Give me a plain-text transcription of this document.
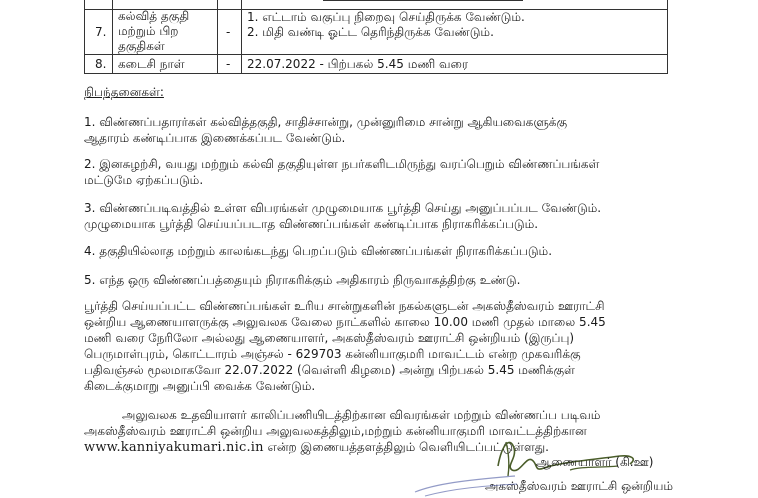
7.
கல்வித் தகுதி
மற்றும் பிற
தகுதிகள்
-
1. எட்டாம் வகுப்பு நிறைவு செய்திருக்க வேண்டும்.
2. மிதி வண்டி ஓட்ட தெரிந்திருக்க வேண்டும்.
8. கடைசி நாள்	- 22.07.2022 - பிற்பகல் 5.45 மணி வரை
நிபந்தனைகள்:
1. விண்ணப்பதாரர்கள் கல்வித்தகுதி, சாதிச்சான்று, முன்னுரிமை சான்று ஆகியவைகளுக்கு
ஆதாரம் கண்டிப்பாக இணைக்கப்பட வேண்டும்.
2. இனசுழற்சி, வயது மற்றும் கல்வி தகுதியுள்ள நபர்களிடமிருந்து வரப்பெறும் விண்ணப்பங்கள்
மட்டுமே ஏற்கப்படும்.
3. விண்ணப்படிவத்தில் உள்ள விபரங்கள் முழுமையாக பூர்த்தி செய்து அனுப்பப்பட வேண்டும்.
முழுமையாக பூர்த்தி செய்யப்படாத விண்ணப்பங்கள் கண்டிப்பாக நிராகரிக்கப்படும்.
4. தகுதியில்லாத மற்றும் காலங்கடந்து பெறப்படும் விண்ணப்பங்கள் நிராகரிக்கப்படும்.
5. எந்த ஒரு விண்ணப்பத்தையும் நிராகரிக்கும் அதிகாரம் நிருவாகத்திற்கு உண்டு.
பூர்த்தி செய்யப்பட்ட விண்ணப்பங்கள் உரிய சான்றுகளின் நகல்களுடன் அகஸ்தீஸ்வரம் ஊராட்சி
ஒன்றிய ஆணையாளருக்கு அலுவலக வேலை நாட்களில் காலை 10.00 மணி முதல் மாலை 5.45
மணி வரை நேரிலோ அல்லது ஆணையாளர், அகஸ்தீஸ்வரம் ஊராட்சி ஒன்றியம் (இருப்பு)
பெருமாள்புரம், கொட்டாரம் அஞ்சல் - 629703 கன்னியாகுமரி மாவட்டம் என்ற முகவரிக்கு
பதிவஞ்சல் மூலமாகவோ 22.07.2022 (வெள்ளி கிழமை) அன்று பிற்பகல் 5.45 மணிக்குள்
கிடைக்குமாறு அனுப்பி வைக்க வேண்டும்.
அலுவலக உதவியாளர் காலிப்பணியிடத்திற்கான விவரங்கள் மற்றும் விண்ணப்ப படிவம்
அகஸ்தீஸ்வரம் ஊராட்சி ஒன்றிய அலுவலகத்திலும்,மற்றும் கன்னியாகுமரி மாவட்டத்திற்கான
www.kanniyakumari.nic.in என்ற இணையத்தளத்திலும் வெளியிடப்பட்டுள்ளது.
ஆணையாளர் (கி.ஊ)
அகஸ்தீஸ்வரம் ஊராட்சி ஒன்றியம்
